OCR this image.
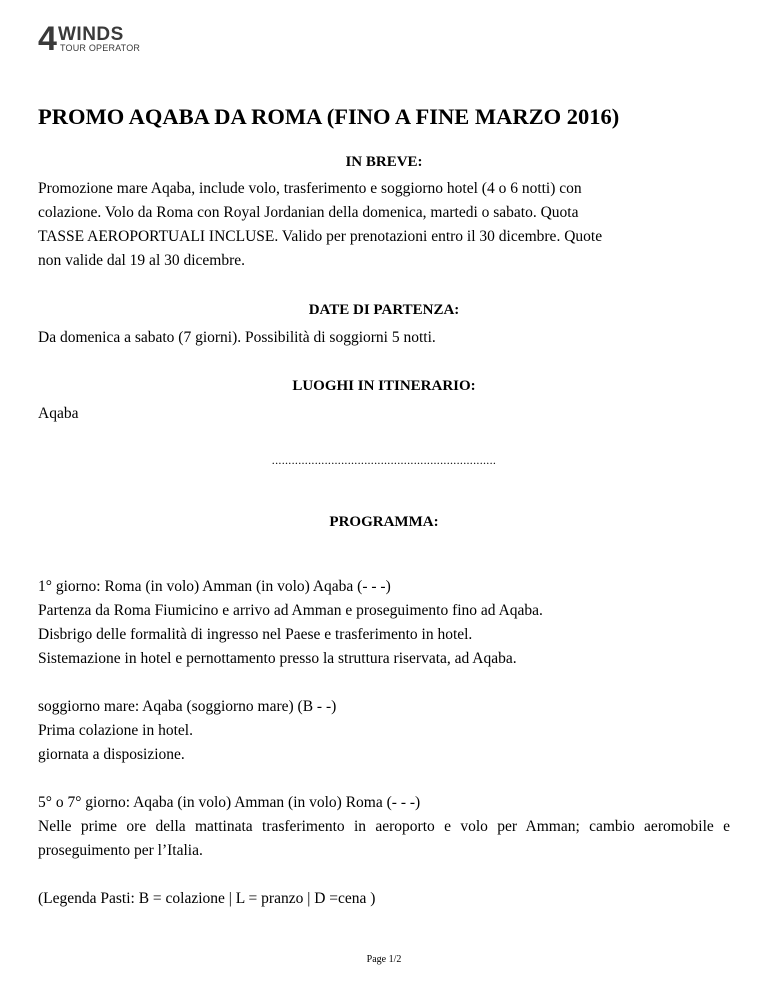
4 WINDS
TOUR OPERATOR
PROMO AQABA DA ROMA (FINO A FINE MARZO 2016)
IN BREVE:
Promozione mare Aqaba, include volo, trasferimento e soggiorno hotel (4 o 6 notti) con
colazione. Volo da Roma con Royal Jordanian della domenica, martedi o sabato. Quota
TASSE AEROPORTUALI INCLUSE. Valido per prenotazioni entro il 30 dicembre. Quote
non valide dal 19 al 30 dicembre.
DATE DI PARTENZA:
Da domenica a sabato (7 giorni). Possibilità di soggiorni 5 notti.
LUOGHI IN ITINERARIO:
Aqaba
....................................................................
PROGRAMMA:
1° giorno: Roma (in volo) Amman (in volo) Aqaba (- - -)
Partenza da Roma Fiumicino e arrivo ad Amman e proseguimento fino ad Aqaba.
Disbrigo delle formalità di ingresso nel Paese e trasferimento in hotel.
Sistemazione in hotel e pernottamento presso la struttura riservata, ad Aqaba.
soggiorno mare: Aqaba (soggiorno mare) (B - -)
Prima colazione in hotel.
giornata a disposizione.
5° o 7° giorno: Aqaba (in volo) Amman (in volo) Roma (- - -)
Nelle prime ore della mattinata trasferimento in aeroporto e volo per Amman; cambio aeromobile e proseguimento per l’Italia.
(Legenda Pasti: B = colazione | L = pranzo | D =cena )
Page 1/2
